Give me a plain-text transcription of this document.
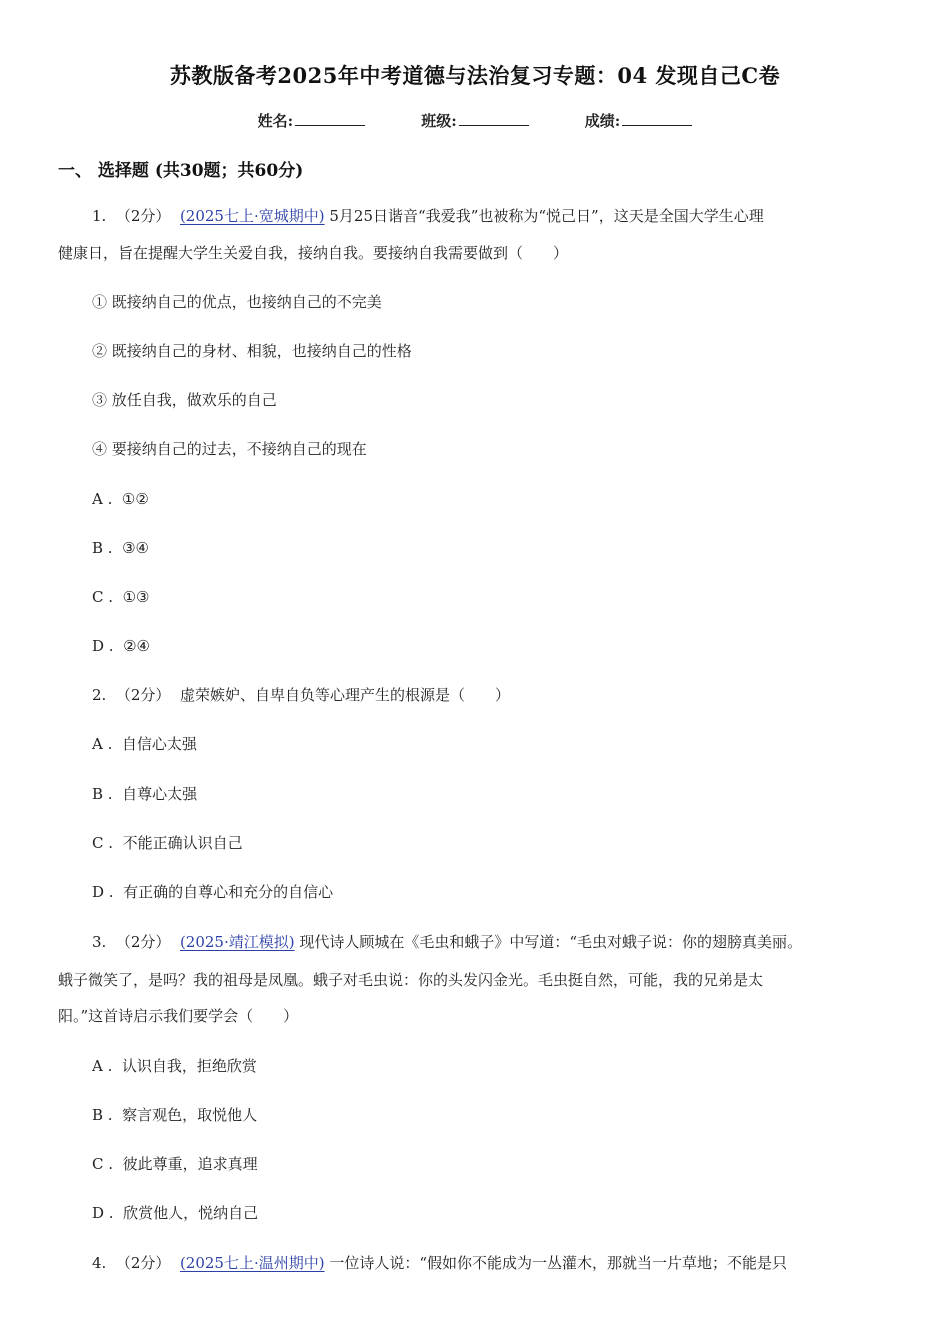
苏教版备考2025年中考道德与法治复习专题：04 发现自己C卷
姓名:	班级:	成绩:
一、 选择题 (共30题；共60分)
1. （2分） (2025七上·宽城期中) 5月25日谐音“我爱我”也被称为“悦己日”，这天是全国大学生心理
健康日，旨在提醒大学生关爱自我，接纳自我。要接纳自我需要做到（　　）
① 既接纳自己的优点，也接纳自己的不完美
② 既接纳自己的身材、相貌，也接纳自己的性格
③ 放任自我，做欢乐的自己
④ 要接纳自己的过去，不接纳自己的现在
A . ①②
B . ③④
C . ①③
D . ②④
2. （2分） 虚荣嫉妒、自卑自负等心理产生的根源是（　　）
A . 自信心太强
B . 自尊心太强
C . 不能正确认识自己
D . 有正确的自尊心和充分的自信心
3. （2分） (2025·靖江模拟) 现代诗人顾城在《毛虫和蛾子》中写道：“毛虫对蛾子说：你的翅膀真美丽。
蛾子微笑了，是吗？我的祖母是凤凰。蛾子对毛虫说：你的头发闪金光。毛虫挺自然，可能，我的兄弟是太
阳。”这首诗启示我们要学会（　　）
A . 认识自我，拒绝欣赏
B . 察言观色，取悦他人
C . 彼此尊重，追求真理
D . 欣赏他人，悦纳自己
4. （2分） (2025七上·温州期中) 一位诗人说：“假如你不能成为一丛灌木，那就当一片草地；不能是只
